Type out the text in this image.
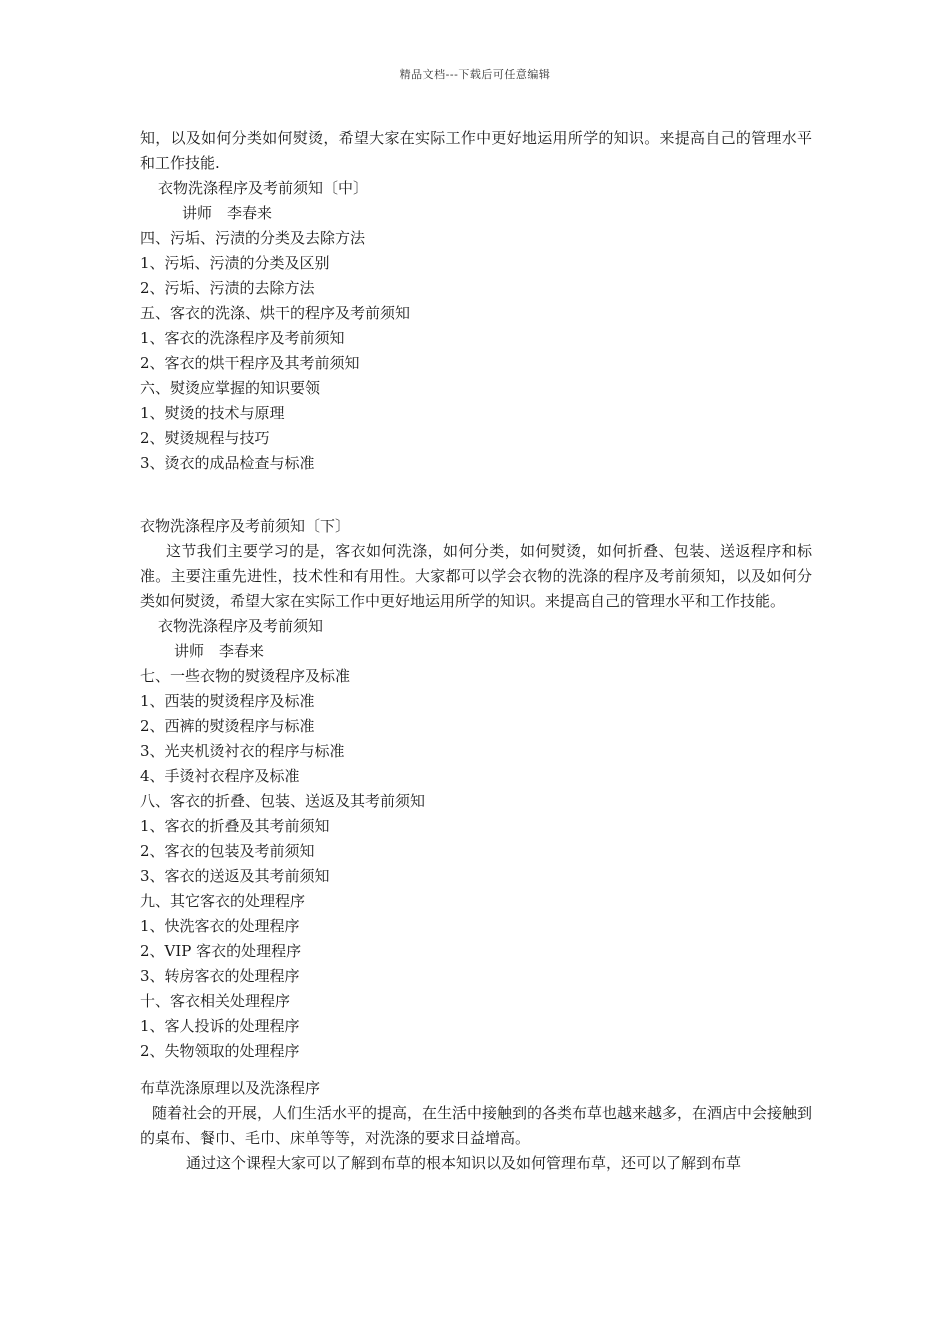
精品文档---下载后可任意编辑
知，以及如何分类如何熨烫，希望大家在实际工作中更好地运用所学的知识。来提高自己的管理水平和工作技能.
衣物洗涤程序及考前须知〔中〕
讲师　李春来
四、污垢、污渍的分类及去除方法
1、污垢、污渍的分类及区别
2、污垢、污渍的去除方法
五、客衣的洗涤、烘干的程序及考前须知
1、客衣的洗涤程序及考前须知
2、客衣的烘干程序及其考前须知
六、熨烫应掌握的知识要领
1、熨烫的技术与原理
2、熨烫规程与技巧
3、烫衣的成品检查与标准
衣物洗涤程序及考前须知〔下〕
这节我们主要学习的是，客衣如何洗涤，如何分类，如何熨烫，如何折叠、包装、送返程序和标准。主要注重先进性，技术性和有用性。大家都可以学会衣物的洗涤的程序及考前须知，以及如何分类如何熨烫，希望大家在实际工作中更好地运用所学的知识。来提高自己的管理水平和工作技能。
衣物洗涤程序及考前须知
讲师　李春来
七、一些衣物的熨烫程序及标准
1、西装的熨烫程序及标准
2、西裤的熨烫程序与标准
3、光夹机烫衬衣的程序与标准
4、手烫衬衣程序及标准
八、客衣的折叠、包装、送返及其考前须知
1、客衣的折叠及其考前须知
2、客衣的包装及考前须知
3、客衣的送返及其考前须知
九、其它客衣的处理程序
1、快洗客衣的处理程序
2、VIP 客衣的处理程序
3、转房客衣的处理程序
十、客衣相关处理程序
1、客人投诉的处理程序
2、失物领取的处理程序
布草洗涤原理以及洗涤程序
随着社会的开展，人们生活水平的提高，在生活中接触到的各类布草也越来越多，在酒店中会接触到的桌布、餐巾、毛巾、床单等等，对洗涤的要求日益增高。
通过这个课程大家可以了解到布草的根本知识以及如何管理布草，还可以了解到布草
